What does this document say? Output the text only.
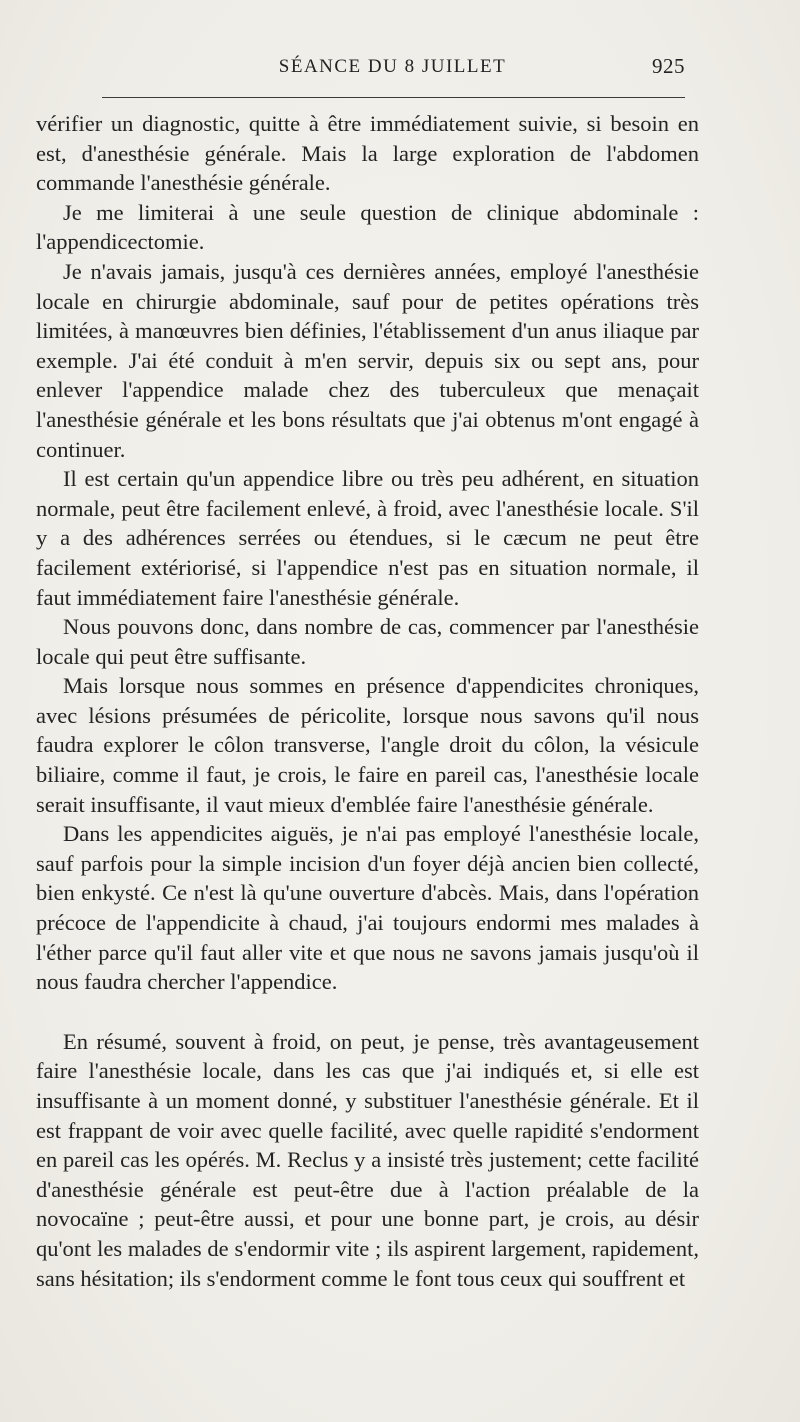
SÉANCE DU 8 JUILLET	925

vérifier un diagnostic, quitte à être immédiatement suivie, si besoin en est, d'anesthésie générale. Mais la large exploration de l'abdomen commande l'anesthésie générale.

Je me limiterai à une seule question de clinique abdominale : l'appendicectomie.

Je n'avais jamais, jusqu'à ces dernières années, employé l'anesthésie locale en chirurgie abdominale, sauf pour de petites opérations très limitées, à manœuvres bien définies, l'établissement d'un anus iliaque par exemple. J'ai été conduit à m'en servir, depuis six ou sept ans, pour enlever l'appendice malade chez des tuberculeux que menaçait l'anesthésie générale et les bons résultats que j'ai obtenus m'ont engagé à continuer.

Il est certain qu'un appendice libre ou très peu adhérent, en situation normale, peut être facilement enlevé, à froid, avec l'anesthésie locale. S'il y a des adhérences serrées ou étendues, si le cæcum ne peut être facilement extériorisé, si l'appendice n'est pas en situation normale, il faut immédiatement faire l'anesthésie générale.

Nous pouvons donc, dans nombre de cas, commencer par l'anesthésie locale qui peut être suffisante.

Mais lorsque nous sommes en présence d'appendicites chroniques, avec lésions présumées de péricolite, lorsque nous savons qu'il nous faudra explorer le côlon transverse, l'angle droit du côlon, la vésicule biliaire, comme il faut, je crois, le faire en pareil cas, l'anesthésie locale serait insuffisante, il vaut mieux d'emblée faire l'anesthésie générale.

Dans les appendicites aiguës, je n'ai pas employé l'anesthésie locale, sauf parfois pour la simple incision d'un foyer déjà ancien bien collecté, bien enkysté. Ce n'est là qu'une ouverture d'abcès. Mais, dans l'opération précoce de l'appendicite à chaud, j'ai toujours endormi mes malades à l'éther parce qu'il faut aller vite et que nous ne savons jamais jusqu'où il nous faudra chercher l'appendice.

En résumé, souvent à froid, on peut, je pense, très avantageusement faire l'anesthésie locale, dans les cas que j'ai indiqués et, si elle est insuffisante à un moment donné, y substituer l'anesthésie générale. Et il est frappant de voir avec quelle facilité, avec quelle rapidité s'endorment en pareil cas les opérés. M. Reclus y a insisté très justement; cette facilité d'anesthésie générale est peut-être due à l'action préalable de la novocaïne ; peut-être aussi, et pour une bonne part, je crois, au désir qu'ont les malades de s'endormir vite ; ils aspirent largement, rapidement, sans hésitation; ils s'endorment comme le font tous ceux qui souffrent et
